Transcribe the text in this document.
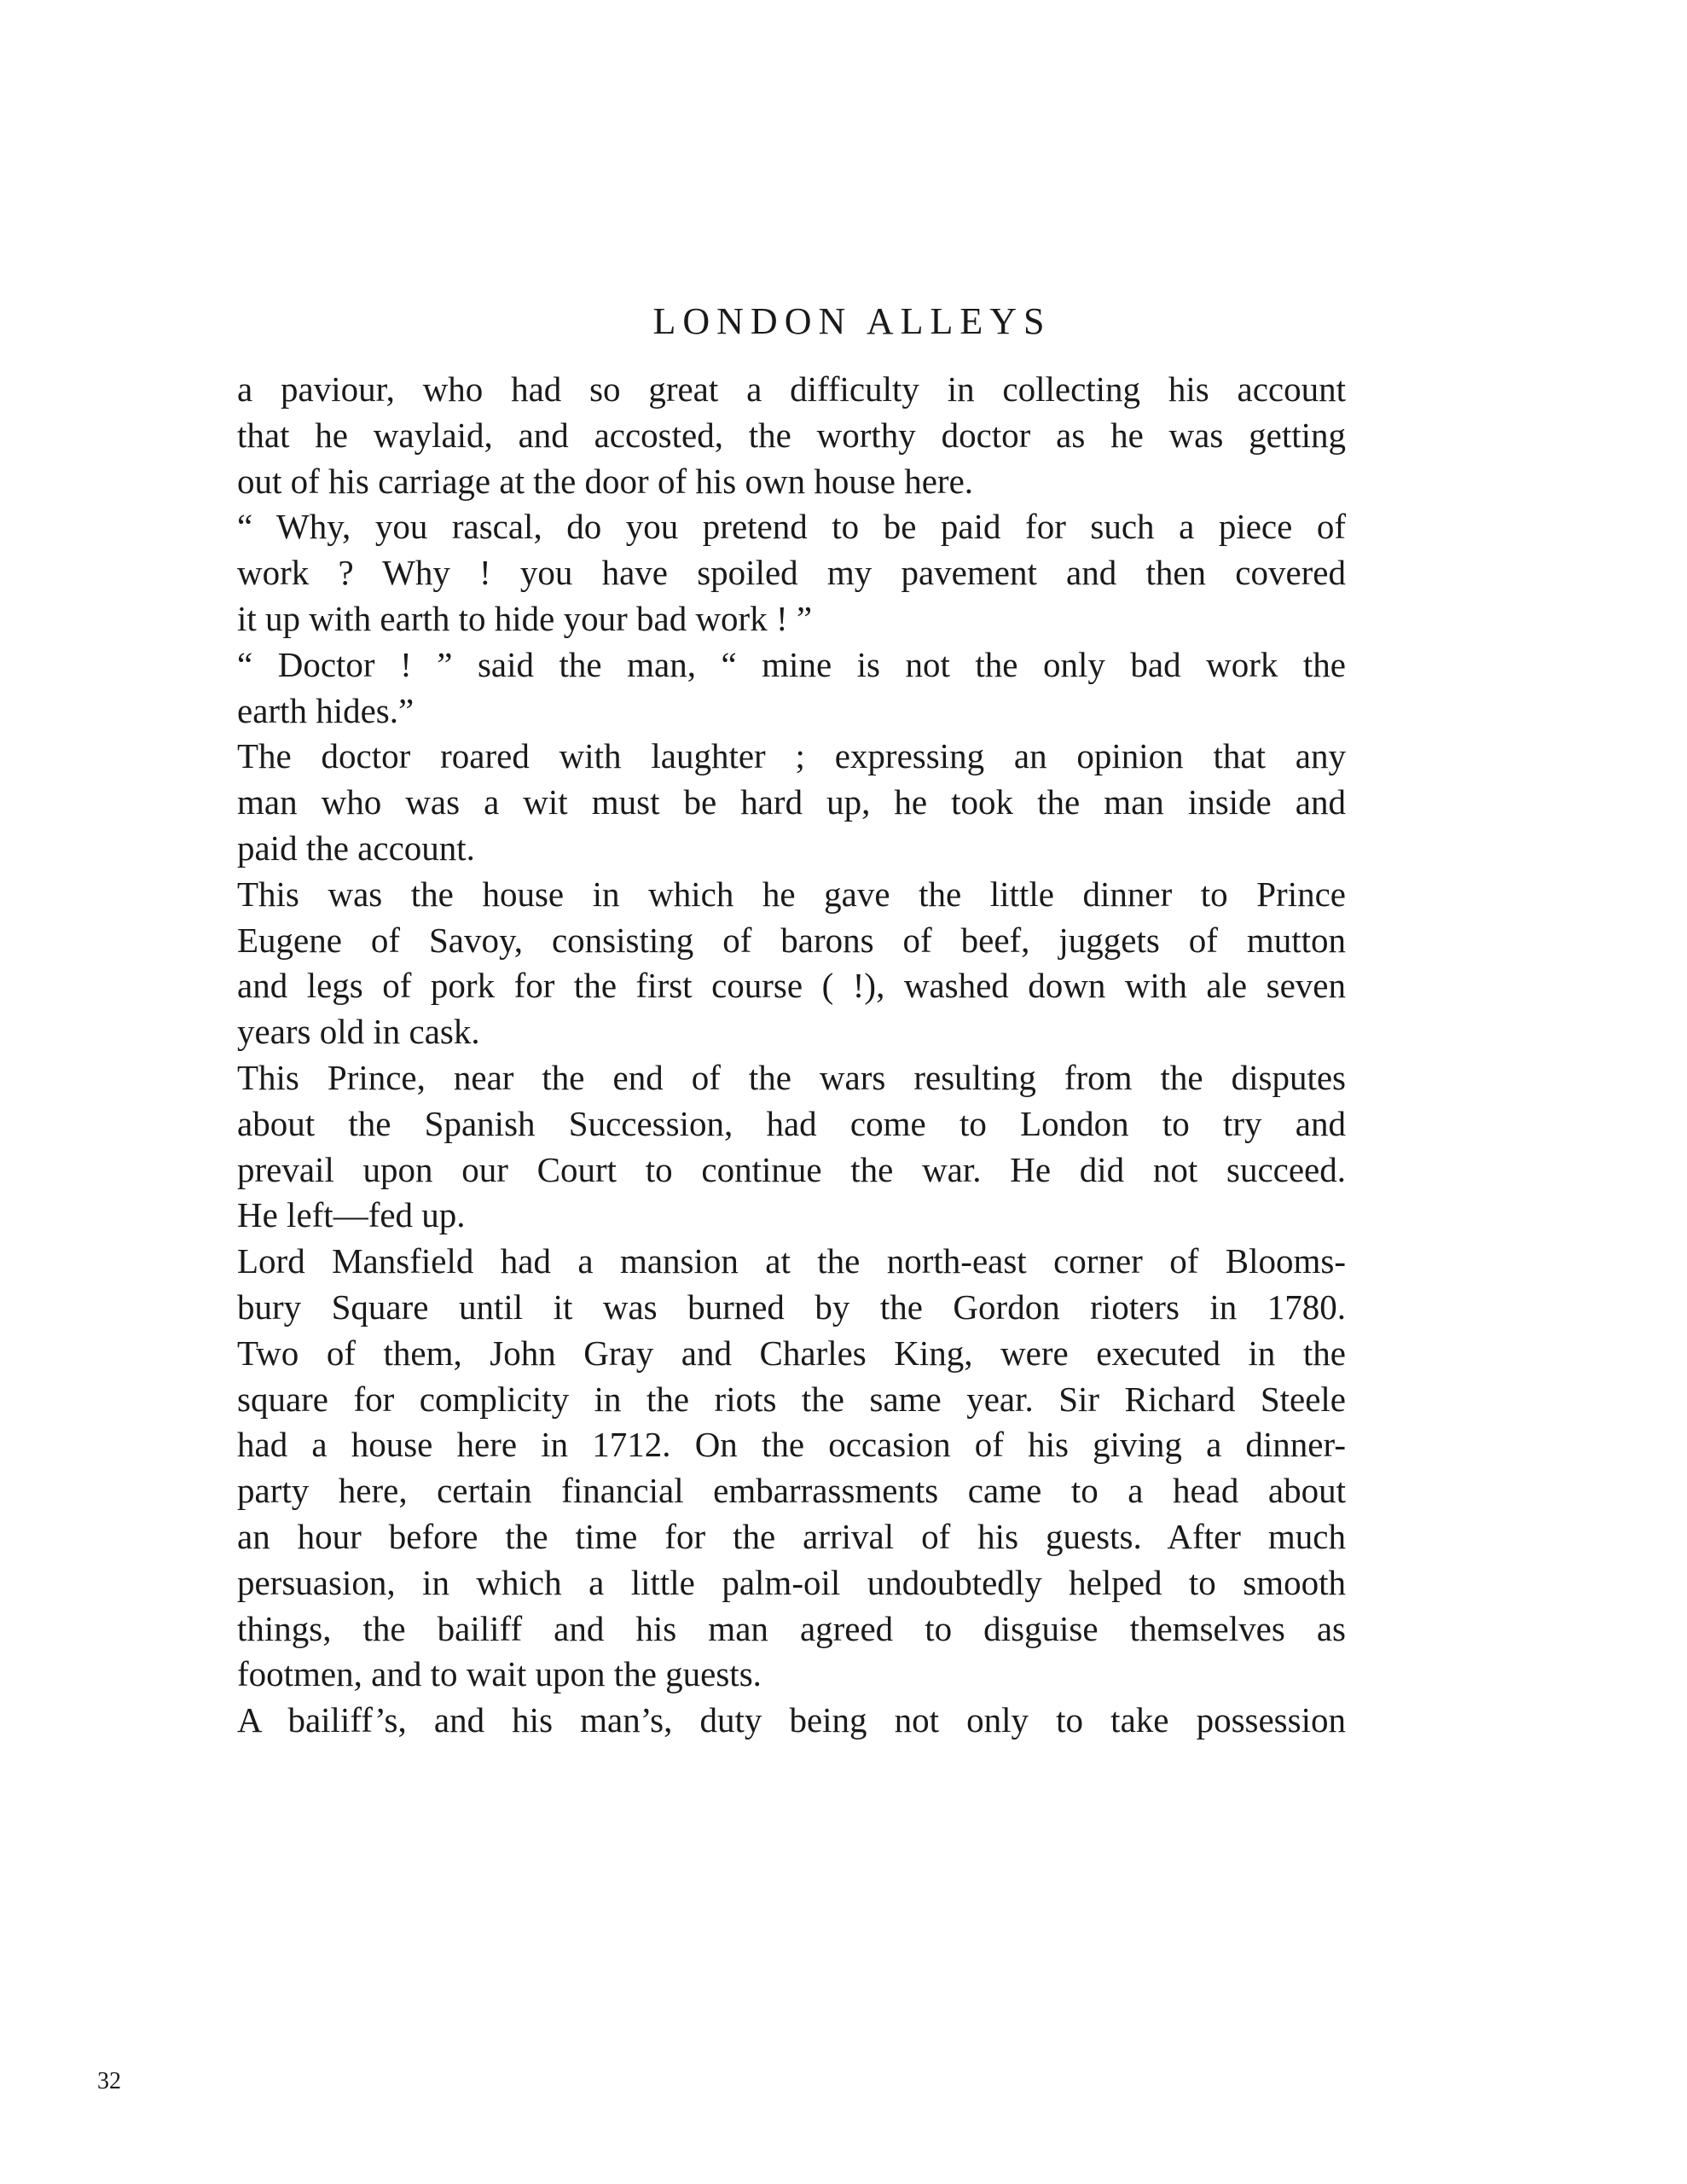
LONDON ALLEYS
a paviour, who had so great a difficulty in collecting his account
that he waylaid, and accosted, the worthy doctor as he was getting
out of his carriage at the door of his own house here.
“ Why, you rascal, do you pretend to be paid for such a piece of
work ? Why ! you have spoiled my pavement and then covered
it up with earth to hide your bad work ! ”
“ Doctor ! ” said the man, “ mine is not the only bad work the
earth hides.”
The doctor roared with laughter ; expressing an opinion that any
man who was a wit must be hard up, he took the man inside and
paid the account.
This was the house in which he gave the little dinner to Prince
Eugene of Savoy, consisting of barons of beef, juggets of mutton
and legs of pork for the first course ( !), washed down with ale seven
years old in cask.
This Prince, near the end of the wars resulting from the disputes
about the Spanish Succession, had come to London to try and
prevail upon our Court to continue the war. He did not succeed.
He left—fed up.
Lord Mansfield had a mansion at the north-east corner of Blooms-
bury Square until it was burned by the Gordon rioters in 1780.
Two of them, John Gray and Charles King, were executed in the
square for complicity in the riots the same year. Sir Richard Steele
had a house here in 1712. On the occasion of his giving a dinner-
party here, certain financial embarrassments came to a head about
an hour before the time for the arrival of his guests. After much
persuasion, in which a little palm-oil undoubtedly helped to smooth
things, the bailiff and his man agreed to disguise themselves as
footmen, and to wait upon the guests.
A bailiff’s, and his man’s, duty being not only to take possession
32
